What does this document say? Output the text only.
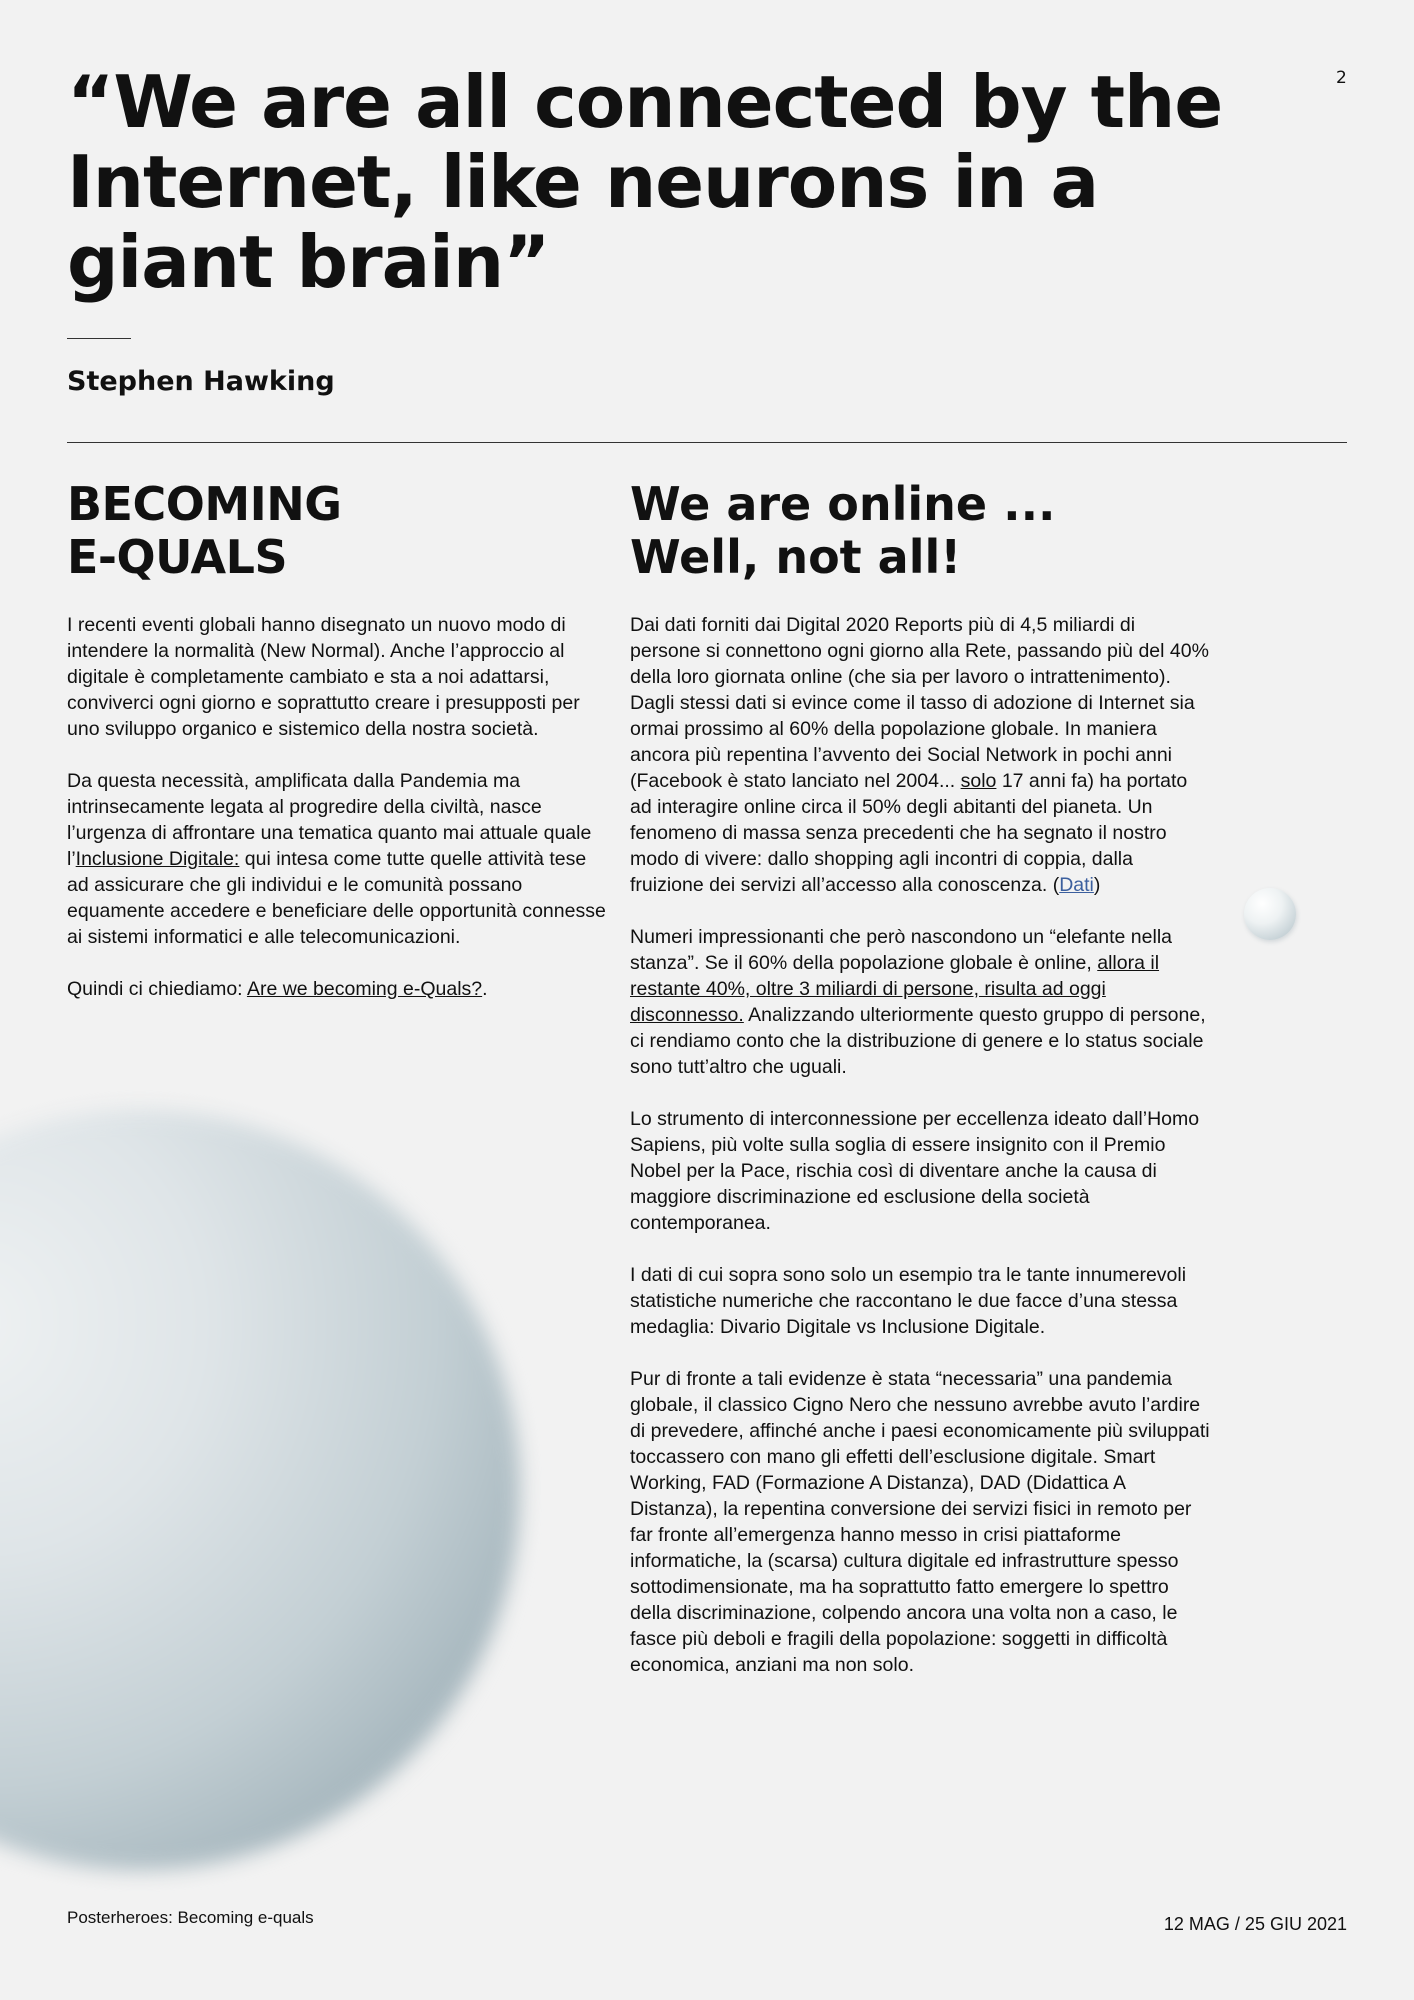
2
“We are all connected by the Internet, like neurons in a giant brain”
Stephen Hawking
BECOMING
E-QUALS

I recenti eventi globali hanno disegnato un nuovo modo di intendere la normalità (New Normal). Anche l’approccio al digitale è completamente cambiato e sta a noi adattarsi, conviverci ogni giorno e soprattutto creare i presupposti per uno sviluppo organico e sistemico della nostra società.

Da questa necessità, amplificata dalla Pandemia ma intrinsecamente legata al progredire della civiltà, nasce l’urgenza di affrontare una tematica quanto mai attuale quale l’Inclusione Digitale: qui intesa come tutte quelle attività tese ad assicurare che gli individui e le comunità possano equamente accedere e beneficiare delle opportunità connesse ai sistemi informatici e alle telecomunicazioni.

Quindi ci chiediamo: Are we becoming e-Quals?.

We are online ...
Well, not all!

Dai dati forniti dai Digital 2020 Reports più di 4,5 miliardi di persone si connettono ogni giorno alla Rete, passando più del 40% della loro giornata online (che sia per lavoro o intrattenimento). Dagli stessi dati si evince come il tasso di adozione di Internet sia ormai prossimo al 60% della popolazione globale. In maniera ancora più repentina l’avvento dei Social Network in pochi anni (Facebook è stato lanciato nel 2004... solo 17 anni fa) ha portato ad interagire online circa il 50% degli abitanti del pianeta. Un fenomeno di massa senza precedenti che ha segnato il nostro modo di vivere: dallo shopping agli incontri di coppia, dalla fruizione dei servizi all’accesso alla conoscenza. (Dati)

Numeri impressionanti che però nascondono un “elefante nella stanza”. Se il 60% della popolazione globale è online, allora il restante 40%, oltre 3 miliardi di persone, risulta ad oggi disconnesso. Analizzando ulteriormente questo gruppo di persone, ci rendiamo conto che la distribuzione di genere e lo status sociale sono tutt’altro che uguali.

Lo strumento di interconnessione per eccellenza ideato dall’Homo Sapiens, più volte sulla soglia di essere insignito con il Premio Nobel per la Pace, rischia così di diventare anche la causa di maggiore discriminazione ed esclusione della società contemporanea.

I dati di cui sopra sono solo un esempio tra le tante innumerevoli statistiche numeriche che raccontano le due facce d’una stessa medaglia: Divario Digitale vs Inclusione Digitale.

Pur di fronte a tali evidenze è stata “necessaria” una pandemia globale, il classico Cigno Nero che nessuno avrebbe avuto l’ardire di prevedere, affinché anche i paesi economicamente più sviluppati toccassero con mano gli effetti dell’esclusione digitale. Smart Working, FAD (Formazione A Distanza), DAD (Didattica A Distanza), la repentina conversione dei servizi fisici in remoto per far fronte all’emergenza hanno messo in crisi piattaforme informatiche, la (scarsa) cultura digitale ed infrastrutture spesso sottodimensionate, ma ha soprattutto fatto emergere lo spettro della discriminazione, colpendo ancora una volta non a caso, le fasce più deboli e fragili della popolazione: soggetti in difficoltà economica, anziani ma non solo.

Posterheroes: Becoming e-quals	12 MAG / 25 GIU 2021
